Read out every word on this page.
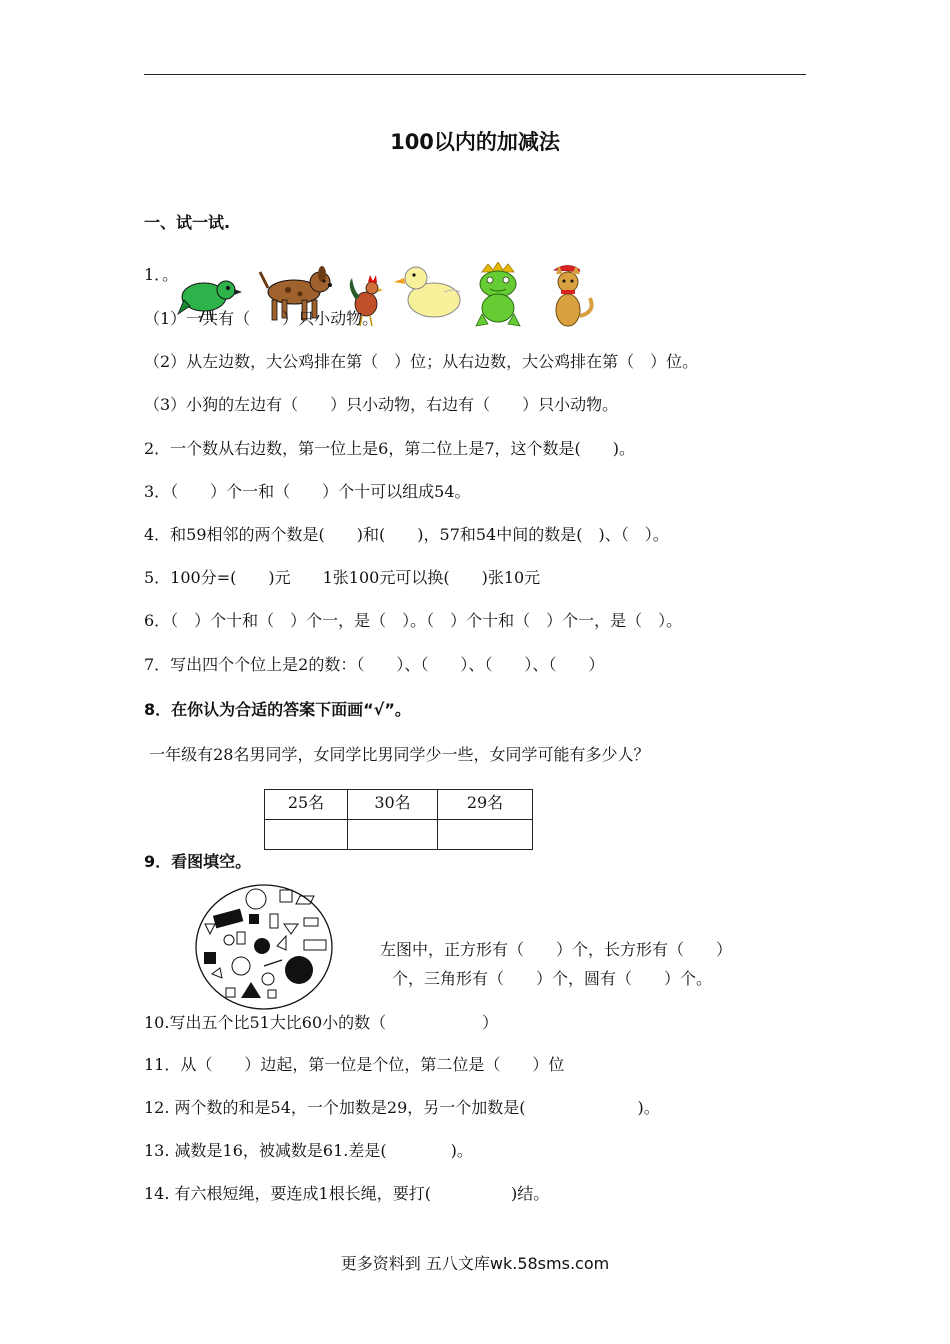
100以内的加减法
一、试一试.
1．。
（1）一共有（　　）只小动物。
（2）从左边数，大公鸡排在第（　）位；从右边数，大公鸡排在第（　）位。
（3）小狗的左边有（　　）只小动物，右边有（　　）只小动物。
2．一个数从右边数，第一位上是6，第二位上是7，这个数是(　　)。
3．（　　）个一和（　　）个十可以组成54。
4．和59相邻的两个数是(　　)和(　　)，57和54中间的数是(　)、（　）。
5．100分=(　　)元　　1张100元可以换(　　)张10元
6．（　）个十和（　）个一，是（　）。（　）个十和（　）个一，是（　）。
7．写出四个个位上是2的数：（　　）、（　　）、（　　）、（　　）
8．在你认为合适的答案下面画“√”。
一年级有28名男同学，女同学比男同学少一些，女同学可能有多少人？
25名	30名	29名

9．看图填空。
左图中，正方形有（　　）个，长方形有（　　）
个，三角形有（　　）个，圆有（　　）个。
10.写出五个比51大比60小的数（　　　　　　）
11．从（　　）边起，第一位是个位，第二位是（　　）位
12. 两个数的和是54，一个加数是29，另一个加数是(　　　　　　　)。
13. 减数是16，被减数是61.差是(　　　　)。
14. 有六根短绳，要连成1根长绳，要打(　　　　　)结。
更多资料到 五八文库wk.58sms.com
